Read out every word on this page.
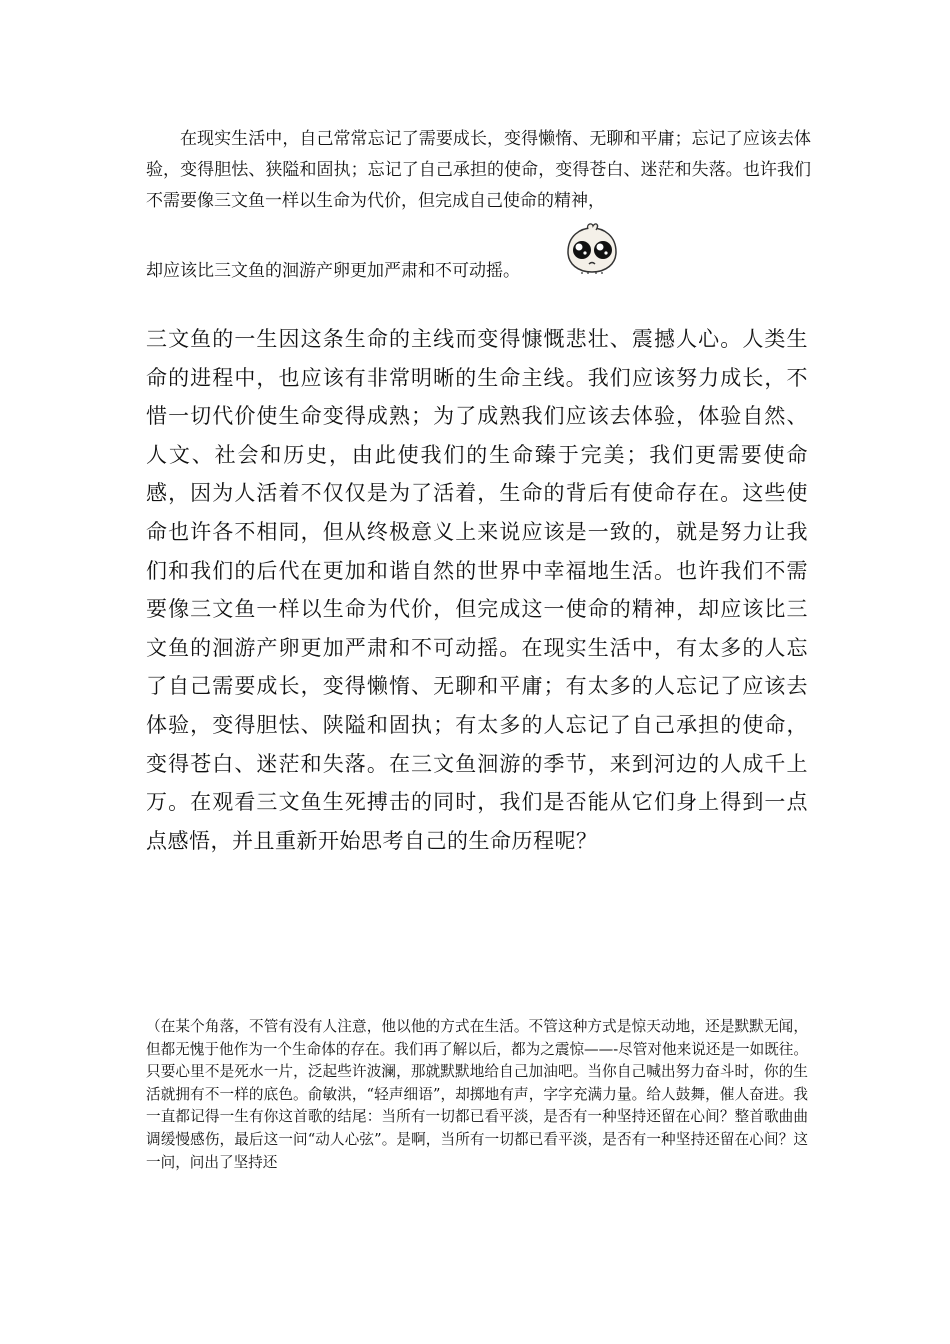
在现实生活中，自己常常忘记了需要成长，变得懒惰、无聊和平庸；忘记了应该去体验，变得胆怯、狭隘和固执；忘记了自己承担的使命，变得苍白、迷茫和失落。也许我们不需要像三文鱼一样以生命为代价，但完成自己使命的精神，

却应该比三文鱼的洄游产卵更加严肃和不可动摇。

三文鱼的一生因这条生命的主线而变得慷慨悲壮、震撼人心。人类生命的进程中，也应该有非常明晰的生命主线。我们应该努力成长，不惜一切代价使生命变得成熟；为了成熟我们应该去体验，体验自然、人文、社会和历史，由此使我们的生命臻于完美；我们更需要使命感，因为人活着不仅仅是为了活着，生命的背后有使命存在。这些使命也许各不相同，但从终极意义上来说应该是一致的，就是努力让我们和我们的后代在更加和谐自然的世界中幸福地生活。也许我们不需要像三文鱼一样以生命为代价，但完成这一使命的精神，却应该比三文鱼的洄游产卵更加严肃和不可动摇。在现实生活中，有太多的人忘了自己需要成长，变得懒惰、无聊和平庸；有太多的人忘记了应该去体验，变得胆怯、陕隘和固执；有太多的人忘记了自己承担的使命，变得苍白、迷茫和失落。在三文鱼洄游的季节，来到河边的人成千上万。在观看三文鱼生死搏击的同时，我们是否能从它们身上得到一点点感悟，并且重新开始思考自己的生命历程呢？

（在某个角落，不管有没有人注意，他以他的方式在生活。不管这种方式是惊天动地，还是默默无闻，但都无愧于他作为一个生命体的存在。我们再了解以后，都为之震惊——-尽管对他来说还是一如既往。只要心里不是死水一片，泛起些许波澜，那就默默地给自己加油吧。当你自己喊出努力奋斗时，你的生活就拥有不一样的底色。俞敏洪，“轻声细语”，却掷地有声，字字充满力量。给人鼓舞，催人奋进。我一直都记得一生有你这首歌的结尾：当所有一切都已看平淡，是否有一种坚持还留在心间？整首歌曲曲调缓慢感伤，最后这一问“动人心弦”。是啊，当所有一切都已看平淡，是否有一种坚持还留在心间？这一问，问出了坚持还
